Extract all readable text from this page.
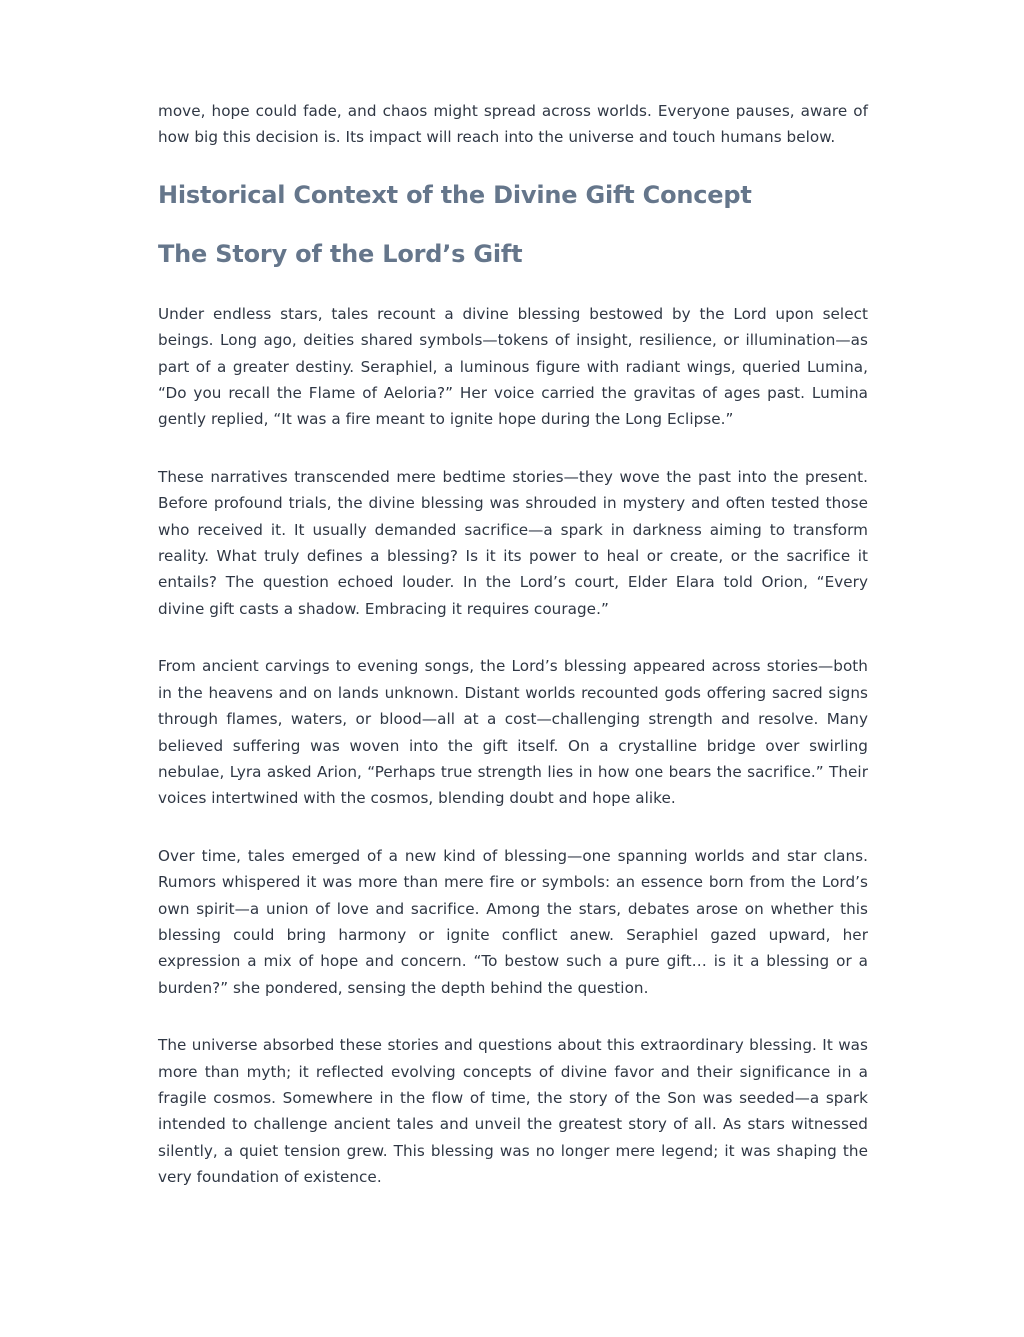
move, hope could fade, and chaos might spread across worlds. Everyone pauses, aware of how big this decision is. Its impact will reach into the universe and touch humans below.

Historical Context of the Divine Gift Concept
The Story of the Lord’s Gift

Under endless stars, tales recount a divine blessing bestowed by the Lord upon select beings. Long ago, deities shared symbols—tokens of insight, resilience, or illumination—as part of a greater destiny. Seraphiel, a luminous figure with radiant wings, queried Lumina, “Do you recall the Flame of Aeloria?” Her voice carried the gravitas of ages past. Lumina gently replied, “It was a fire meant to ignite hope during the Long Eclipse.”

These narratives transcended mere bedtime stories—they wove the past into the present. Before profound trials, the divine blessing was shrouded in mystery and often tested those who received it. It usually demanded sacrifice—a spark in darkness aiming to transform reality. What truly defines a blessing? Is it its power to heal or create, or the sacrifice it entails? The question echoed louder. In the Lord’s court, Elder Elara told Orion, “Every divine gift casts a shadow. Embracing it requires courage.”

From ancient carvings to evening songs, the Lord’s blessing appeared across stories—both in the heavens and on lands unknown. Distant worlds recounted gods offering sacred signs through flames, waters, or blood—all at a cost—challenging strength and resolve. Many believed suffering was woven into the gift itself. On a crystalline bridge over swirling nebulae, Lyra asked Arion, “Perhaps true strength lies in how one bears the sacrifice.” Their voices intertwined with the cosmos, blending doubt and hope alike.

Over time, tales emerged of a new kind of blessing—one spanning worlds and star clans. Rumors whispered it was more than mere fire or symbols: an essence born from the Lord’s own spirit—a union of love and sacrifice. Among the stars, debates arose on whether this blessing could bring harmony or ignite conflict anew. Seraphiel gazed upward, her expression a mix of hope and concern. “To bestow such a pure gift… is it a blessing or a burden?” she pondered, sensing the depth behind the question.

The universe absorbed these stories and questions about this extraordinary blessing. It was more than myth; it reflected evolving concepts of divine favor and their significance in a fragile cosmos. Somewhere in the flow of time, the story of the Son was seeded—a spark intended to challenge ancient tales and unveil the greatest story of all. As stars witnessed silently, a quiet tension grew. This blessing was no longer mere legend; it was shaping the very foundation of existence.
